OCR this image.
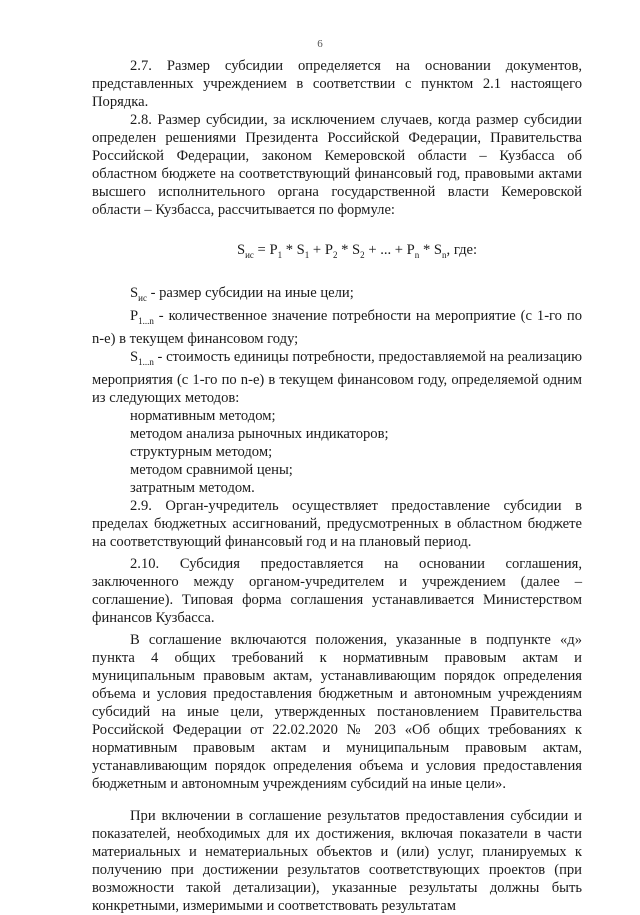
6

2.7. Размер субсидии определяется на основании документов, представленных учреждением в соответствии с пунктом 2.1 настоящего Порядка.

2.8. Размер субсидии, за исключением случаев, когда размер субсидии определен решениями Президента Российской Федерации, Правительства Российской Федерации, законом Кемеровской области – Кузбасса об областном бюджете на соответствующий финансовый год, правовыми актами высшего исполнительного органа государственной власти Кемеровской области – Кузбасса, рассчитывается по формуле:

$S_{ис} = P_1 * S_1 + P_2 * S_2$ + ... + $P_n * S_n$, где:

$S_{ис}$ - размер субсидии на иные цели;

$P_{1...n}$ - количественное значение потребности на мероприятие (с 1-го по n-е) в текущем финансовом году;

$S_{1...n}$ - стоимость единицы потребности, предоставляемой на реализацию мероприятия (с 1-го по n-е) в текущем финансовом году, определяемой одним из следующих методов:

нормативным методом;

методом анализа рыночных индикаторов;

структурным методом;

методом сравнимой цены;

затратным методом.

2.9. Орган-учредитель осуществляет предоставление субсидии в пределах бюджетных ассигнований, предусмотренных в областном бюджете на соответствующий финансовый год и на плановый период.

2.10. Субсидия предоставляется на основании соглашения, заключенного между органом-учредителем и учреждением (далее – соглашение). Типовая форма соглашения устанавливается Министерством финансов Кузбасса.

В соглашение включаются положения, указанные в подпункте «д» пункта 4 общих требований к нормативным правовым актам и муниципальным правовым актам, устанавливающим порядок определения объема и условия предоставления бюджетным и автономным учреждениям субсидий на иные цели, утвержденных постановлением Правительства Российской Федерации от 22.02.2020 № 203 «Об общих требованиях к нормативным правовым актам и муниципальным правовым актам, устанавливающим порядок определения объема и условия предоставления бюджетным и автономным учреждениям субсидий на иные цели».

При включении в соглашение результатов предоставления субсидии и показателей, необходимых для их достижения, включая показатели в части материальных и нематериальных объектов и (или) услуг, планируемых к получению при достижении результатов соответствующих проектов (при возможности такой детализации), указанные результаты должны быть конкретными, измеримыми и соответствовать результатам
